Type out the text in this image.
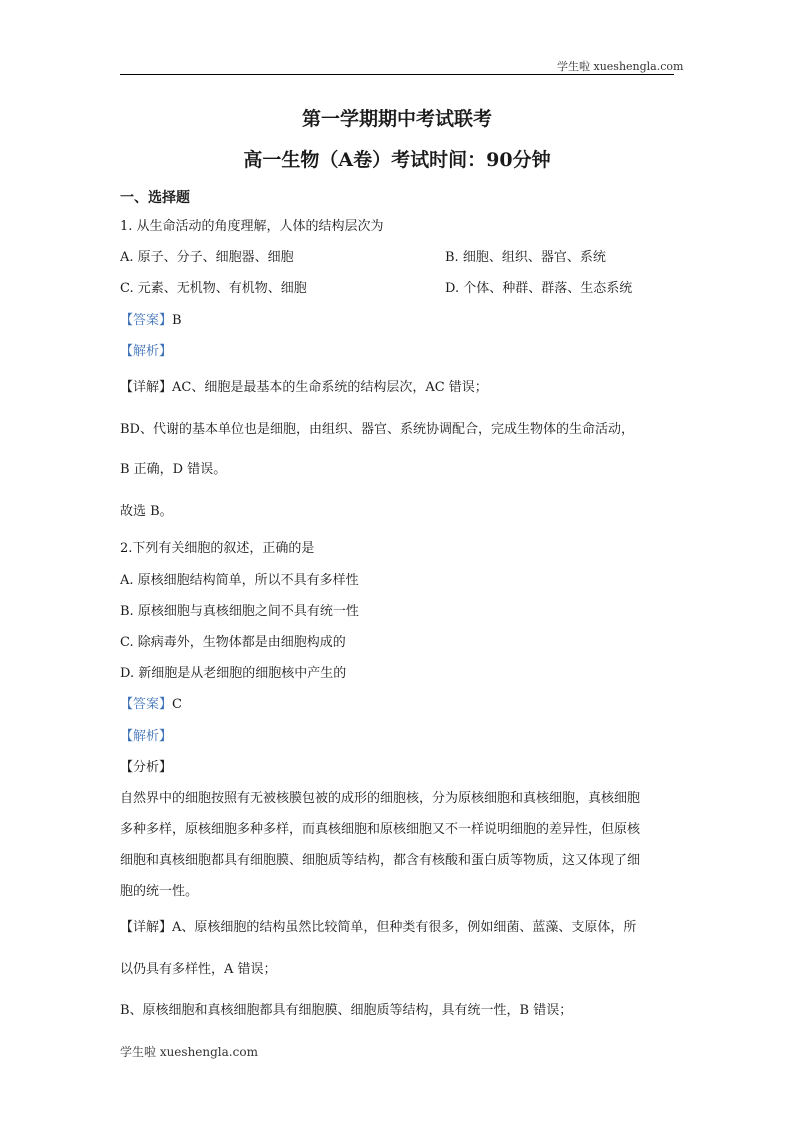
学生啦 xueshengla.com
第一学期期中考试联考
高一生物（A卷）考试时间：90分钟
一、选择题
1. 从生命活动的角度理解，人体的结构层次为
A. 原子、分子、细胞器、细胞	B. 细胞、组织、器官、系统
C. 元素、无机物、有机物、细胞	D. 个体、种群、群落、生态系统
【答案】B
【解析】
【详解】AC、细胞是最基本的生命系统的结构层次，AC 错误；
BD、代谢的基本单位也是细胞，由组织、器官、系统协调配合，完成生物体的生命活动，
B 正确，D 错误。
故选 B。
2.下列有关细胞的叙述，正确的是
A. 原核细胞结构简单，所以不具有多样性
B. 原核细胞与真核细胞之间不具有统一性
C. 除病毒外，生物体都是由细胞构成的
D. 新细胞是从老细胞的细胞核中产生的
【答案】C
【解析】
【分析】
自然界中的细胞按照有无被核膜包被的成形的细胞核，分为原核细胞和真核细胞，真核细胞
多种多样，原核细胞多种多样，而真核细胞和原核细胞又不一样说明细胞的差异性，但原核
细胞和真核细胞都具有细胞膜、细胞质等结构，都含有核酸和蛋白质等物质，这又体现了细
胞的统一性。
【详解】A、原核细胞的结构虽然比较简单，但种类有很多，例如细菌、蓝藻、支原体，所
以仍具有多样性，A 错误；
B、原核细胞和真核细胞都具有细胞膜、细胞质等结构，具有统一性，B 错误；
学生啦 xueshengla.com
